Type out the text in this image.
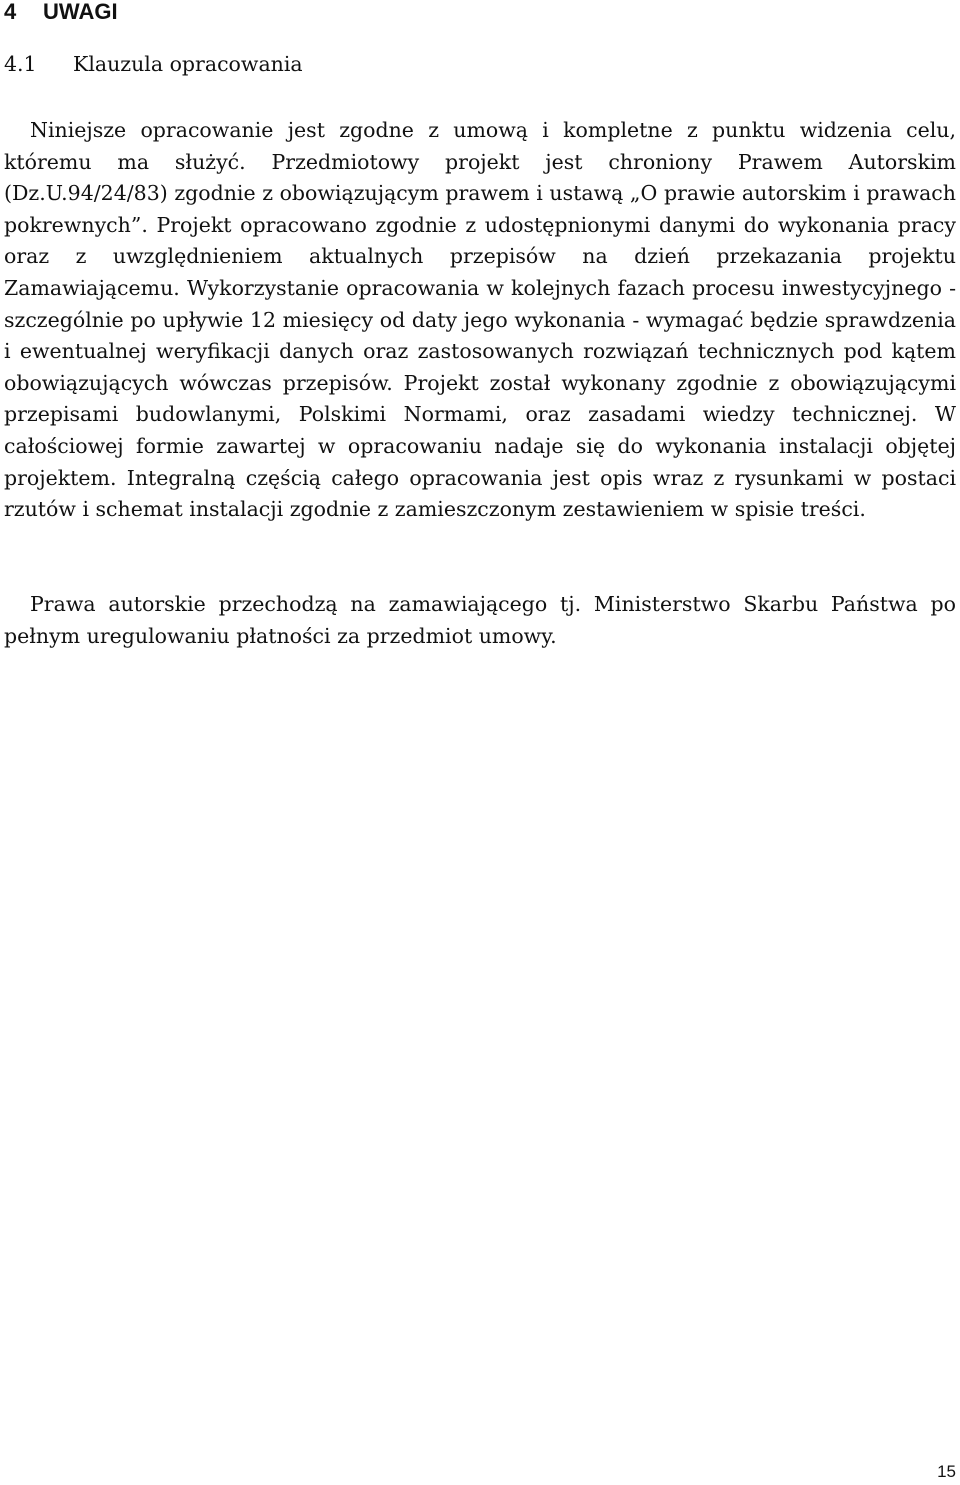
4 UWAGI
4.1 Klauzula opracowania

Niniejsze opracowanie jest zgodne z umową i kompletne z punktu widzenia celu, któremu ma służyć. Przedmiotowy projekt jest chroniony Prawem Autorskim (Dz.U.94/24/83) zgodnie z obowiązującym prawem i ustawą „O prawie autorskim i prawach pokrewnych”. Projekt opracowano zgodnie z udostępnionymi danymi do wykonania pracy oraz z uwzględnieniem aktualnych przepisów na dzień przekazania projektu Zamawiającemu. Wykorzystanie opracowania w kolejnych fazach procesu inwestycyjnego - szczególnie po upływie 12 miesięcy od daty jego wykonania - wymagać będzie sprawdzenia i ewentualnej weryfikacji danych oraz zastosowanych rozwiązań technicznych pod kątem obowiązujących wówczas przepisów. Projekt został wykonany zgodnie z obowiązującymi przepisami budowlanymi, Polskimi Normami, oraz zasadami wiedzy technicznej. W całościowej formie zawartej w opracowaniu nadaje się do wykonania instalacji objętej projektem. Integralną częścią całego opracowania jest opis wraz z rysunkami w postaci rzutów i schemat instalacji zgodnie z zamieszczonym zestawieniem w spisie treści.

Prawa autorskie przechodzą na zamawiającego tj. Ministerstwo Skarbu Państwa po pełnym uregulowaniu płatności za przedmiot umowy.

15
